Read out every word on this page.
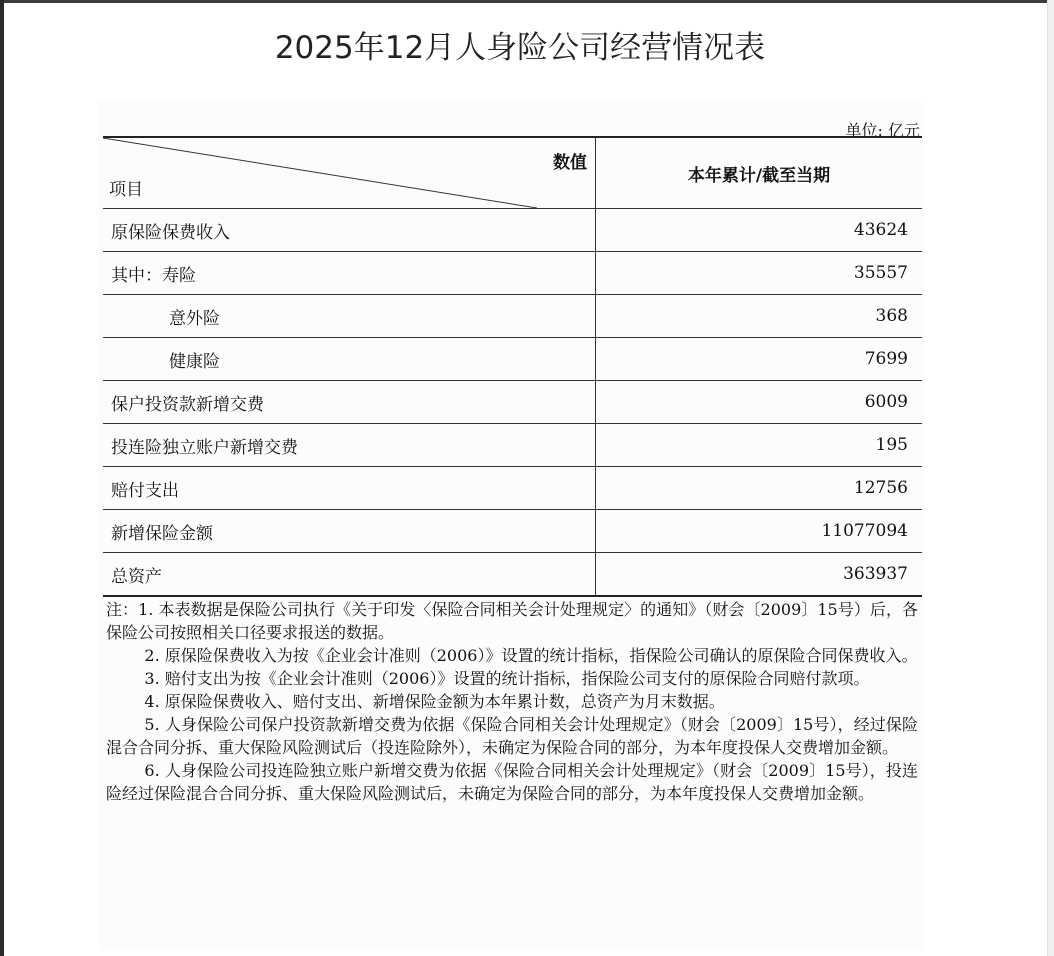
2025年12月人身险公司经营情况表
单位: 亿元
数值
项目	本年累计/截至当期
原保险保费收入	43624
其中：寿险	35557
意外险	368
健康险	7699
保户投资款新增交费	6009
投连险独立账户新增交费	195
赔付支出	12756
新增保险金额	11077094
总资产	363937

注：1. 本表数据是保险公司执行《关于印发〈保险合同相关会计处理规定〉的通知》（财会〔2009〕15号）后，各保险公司按照相关口径要求报送的数据。

2. 原保险保费收入为按《企业会计准则（2006）》设置的统计指标，指保险公司确认的原保险合同保费收入。

3. 赔付支出为按《企业会计准则（2006）》设置的统计指标，指保险公司支付的原保险合同赔付款项。

4. 原保险保费收入、赔付支出、新增保险金额为本年累计数，总资产为月末数据。

5. 人身保险公司保户投资款新增交费为依据《保险合同相关会计处理规定》（财会〔2009〕15号），经过保险混合合同分拆、重大保险风险测试后（投连险除外），未确定为保险合同的部分，为本年度投保人交费增加金额。

6. 人身保险公司投连险独立账户新增交费为依据《保险合同相关会计处理规定》（财会〔2009〕15号），投连险经过保险混合合同分拆、重大保险风险测试后，未确定为保险合同的部分，为本年度投保人交费增加金额。
